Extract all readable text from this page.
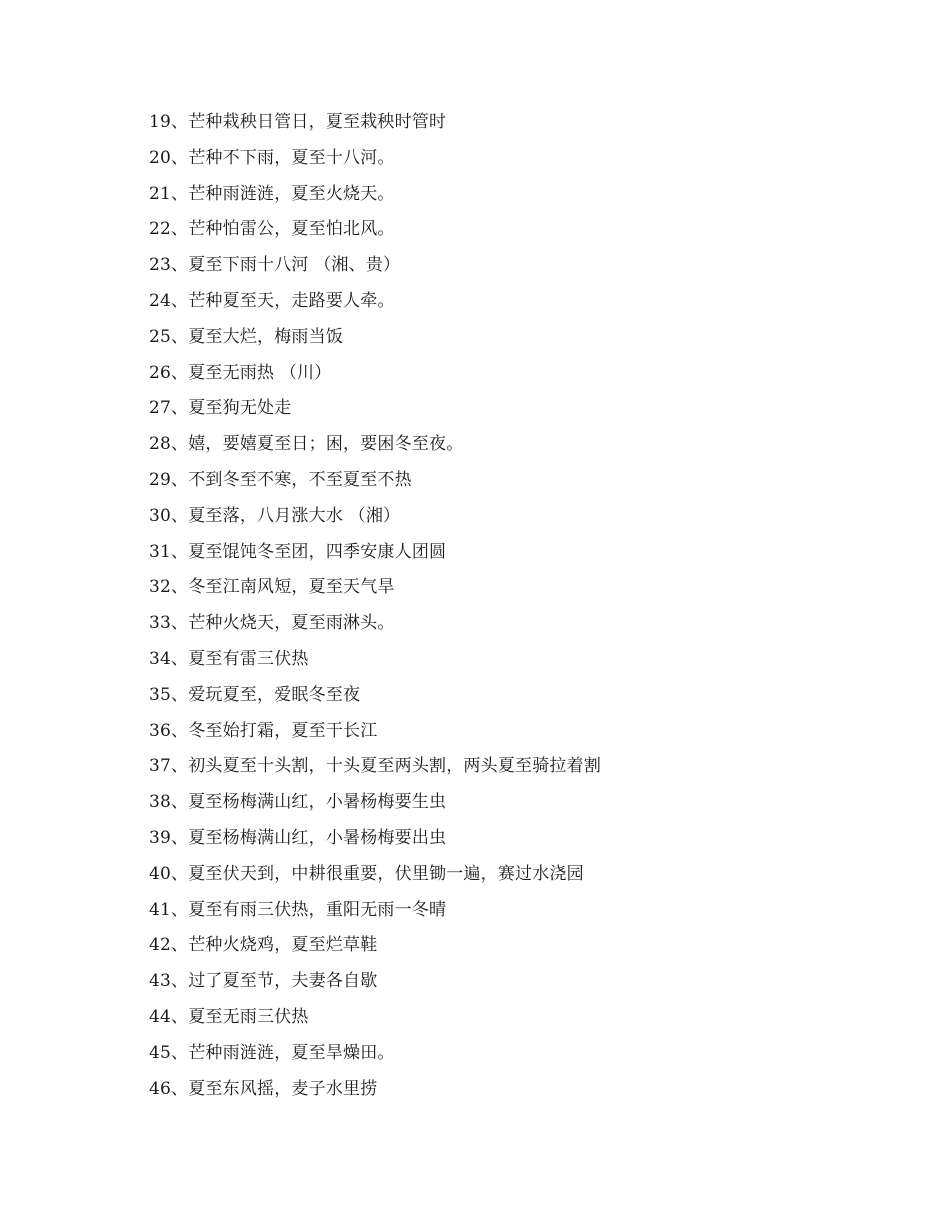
19、芒种栽秧日管日，夏至栽秧时管时
20、芒种不下雨，夏至十八河。
21、芒种雨涟涟，夏至火烧天。
22、芒种怕雷公，夏至怕北风。
23、夏至下雨十八河 （湘、贵）
24、芒种夏至天，走路要人牵。
25、夏至大烂，梅雨当饭
26、夏至无雨热 （川）
27、夏至狗无处走
28、嬉，要嬉夏至日；困，要困冬至夜。
29、不到冬至不寒，不至夏至不热
30、夏至落，八月涨大水 （湘）
31、夏至馄饨冬至团，四季安康人团圆
32、冬至江南风短，夏至天气旱
33、芒种火烧天，夏至雨淋头。
34、夏至有雷三伏热
35、爱玩夏至，爱眠冬至夜
36、冬至始打霜，夏至干长江
37、初头夏至十头割，十头夏至两头割，两头夏至骑拉着割
38、夏至杨梅满山红，小暑杨梅要生虫
39、夏至杨梅满山红，小暑杨梅要出虫
40、夏至伏天到，中耕很重要，伏里锄一遍，赛过水浇园
41、夏至有雨三伏热，重阳无雨一冬晴
42、芒种火烧鸡，夏至烂草鞋
43、过了夏至节，夫妻各自歇
44、夏至无雨三伏热
45、芒种雨涟涟，夏至旱燥田。
46、夏至东风摇，麦子水里捞
